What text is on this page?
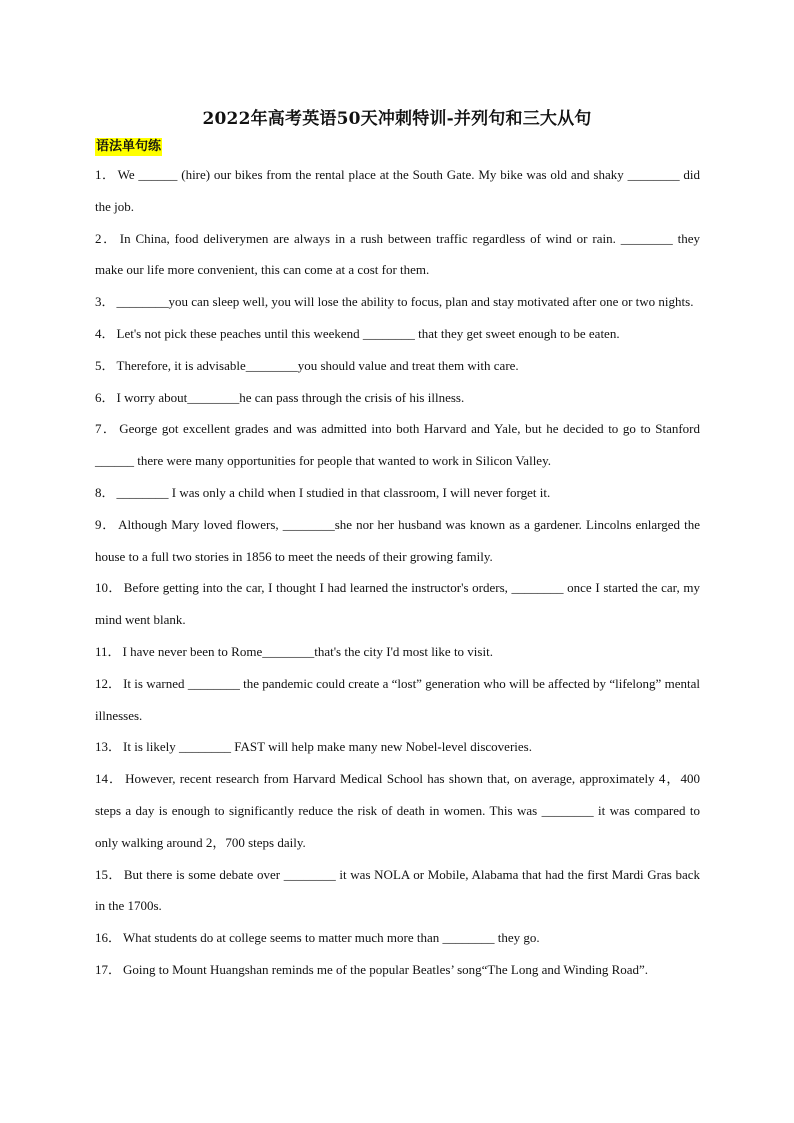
2022年高考英语50天冲刺特训-并列句和三大从句
语法单句练

1． We ______ (hire) our bikes from the rental place at the South Gate. My bike was old and shaky ________ did the job.

2． In China, food deliverymen are always in a rush between traffic regardless of wind or rain. ________ they make our life more convenient, this can come at a cost for them.

3． ________you can sleep well, you will lose the ability to focus, plan and stay motivated after one or two nights.

4． Let's not pick these peaches until this weekend ________ that they get sweet enough to be eaten.

5． Therefore, it is advisable________you should value and treat them with care.

6． I worry about________he can pass through the crisis of his illness.

7． George got excellent grades and was admitted into both Harvard and Yale, but he decided to go to Stanford ______ there were many opportunities for people that wanted to work in Silicon Valley.

8． ________ I was only a child when I studied in that classroom, I will never forget it.

9． Although Mary loved flowers, ________she nor her husband was known as a gardener. Lincolns enlarged the house to a full two stories in 1856 to meet the needs of their growing family.

10． Before getting into the car, I thought I had learned the instructor's orders, ________ once I started the car, my mind went blank.

11． I have never been to Rome________that's the city I'd most like to visit.

12． It is warned ________ the pandemic could create a “lost” generation who will be affected by “lifelong” mental illnesses.

13． It is likely ________ FAST will help make many new Nobel-level discoveries.

14． However, recent research from Harvard Medical School has shown that, on average, approximately 4，400 steps a day is enough to significantly reduce the risk of death in women. This was ________ it was compared to only walking around 2，700 steps daily.

15． But there is some debate over ________ it was NOLA or Mobile, Alabama that had the first Mardi Gras back in the 1700s.

16． What students do at college seems to matter much more than ________ they go.

17． Going to Mount Huangshan reminds me of the popular Beatles’ song“The Long and Winding Road”.
